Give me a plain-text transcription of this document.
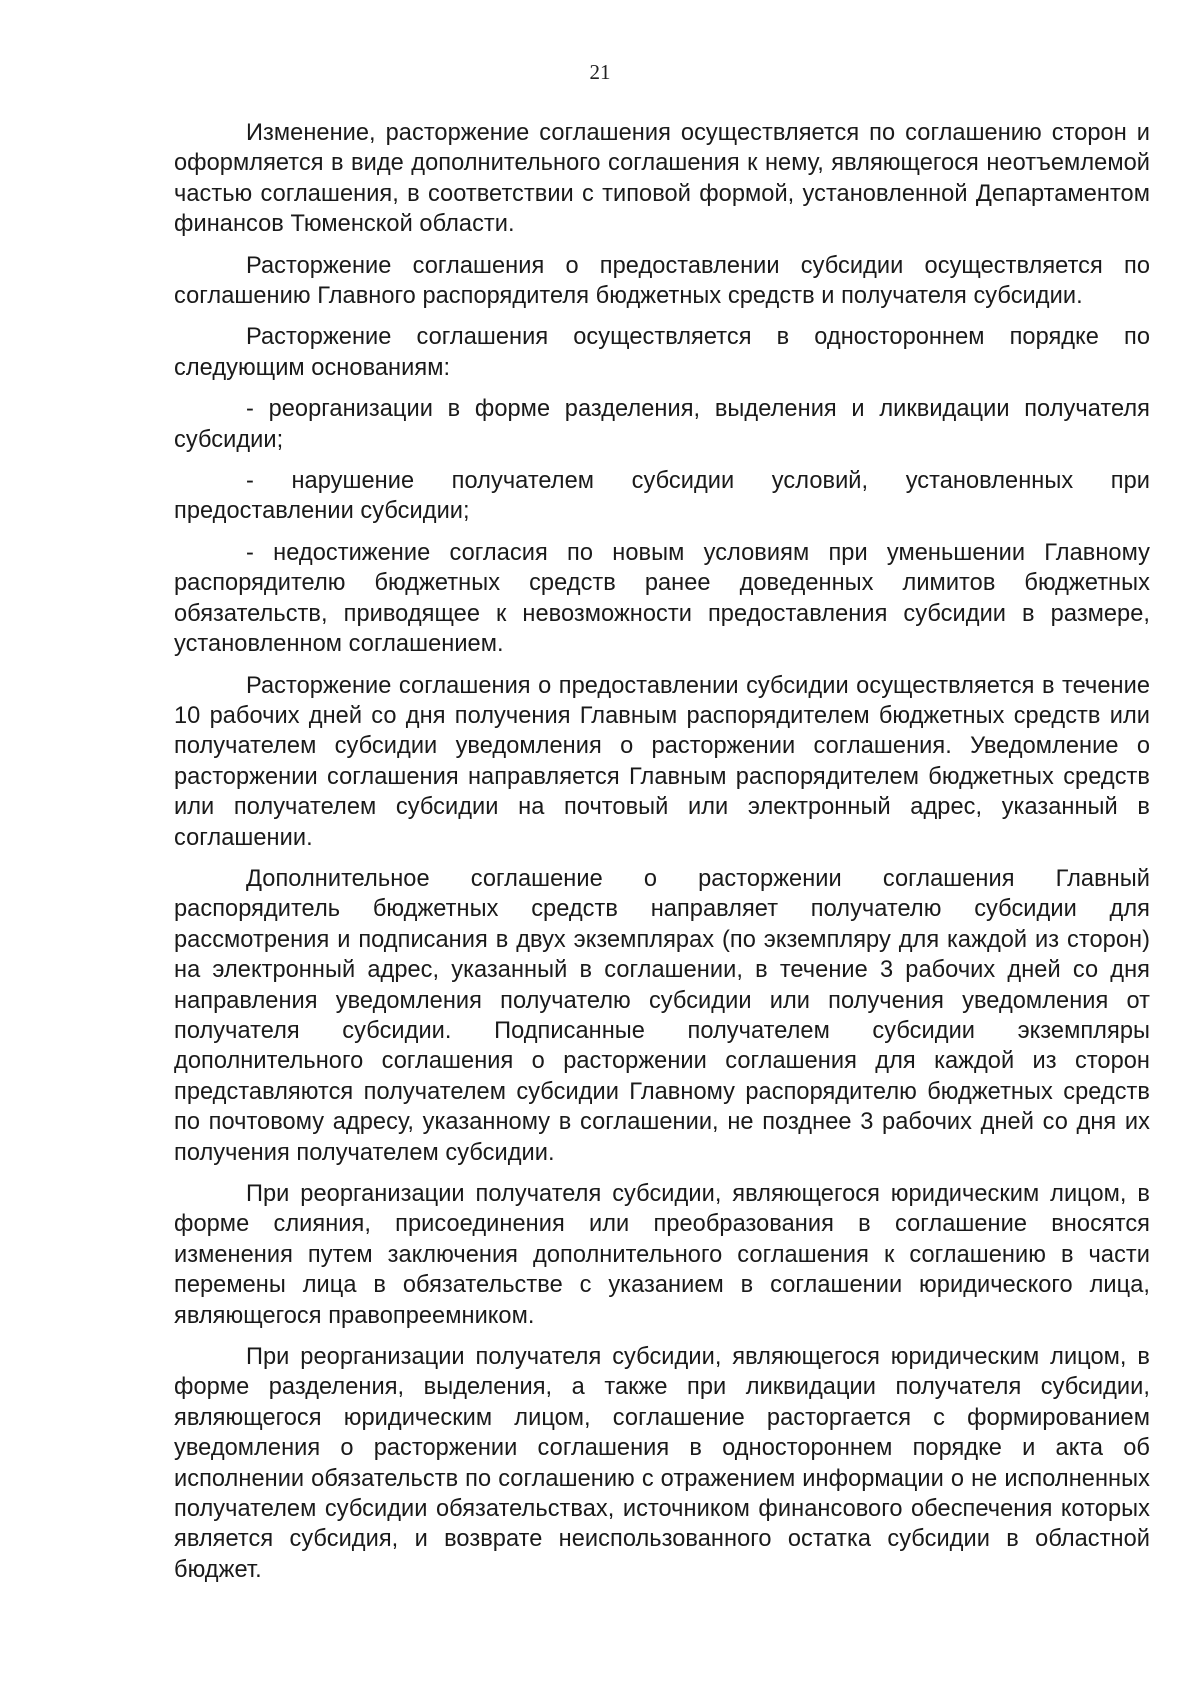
21

Изменение, расторжение соглашения осуществляется по соглашению сторон и оформляется в виде дополнительного соглашения к нему, являющегося неотъемлемой частью соглашения, в соответствии с типовой формой, установленной Департаментом финансов Тюменской области.

Расторжение соглашения о предоставлении субсидии осуществляется по соглашению Главного распорядителя бюджетных средств и получателя субсидии.

Расторжение соглашения осуществляется в одностороннем порядке по следующим основаниям:

- реорганизации в форме разделения, выделения и ликвидации получателя субсидии;

- нарушение получателем субсидии условий, установленных при предоставлении субсидии;

- недостижение согласия по новым условиям при уменьшении Главному распорядителю бюджетных средств ранее доведенных лимитов бюджетных обязательств, приводящее к невозможности предоставления субсидии в размере, установленном соглашением.

Расторжение соглашения о предоставлении субсидии осуществляется в течение 10 рабочих дней со дня получения Главным распорядителем бюджетных средств или получателем субсидии уведомления о расторжении соглашения. Уведомление о расторжении соглашения направляется Главным распорядителем бюджетных средств или получателем субсидии на почтовый или электронный адрес, указанный в соглашении.

Дополнительное соглашение о расторжении соглашения Главный распорядитель бюджетных средств направляет получателю субсидии для рассмотрения и подписания в двух экземплярах (по экземпляру для каждой из сторон) на электронный адрес, указанный в соглашении, в течение 3 рабочих дней со дня направления уведомления получателю субсидии или получения уведомления от получателя субсидии. Подписанные получателем субсидии экземпляры дополнительного соглашения о расторжении соглашения для каждой из сторон представляются получателем субсидии Главному распорядителю бюджетных средств по почтовому адресу, указанному в соглашении, не позднее 3 рабочих дней со дня их получения получателем субсидии.

При реорганизации получателя субсидии, являющегося юридическим лицом, в форме слияния, присоединения или преобразования в соглашение вносятся изменения путем заключения дополнительного соглашения к соглашению в части перемены лица в обязательстве с указанием в соглашении юридического лица, являющегося правопреемником.

При реорганизации получателя субсидии, являющегося юридическим лицом, в форме разделения, выделения, а также при ликвидации получателя субсидии, являющегося юридическим лицом, соглашение расторгается с формированием уведомления о расторжении соглашения в одностороннем порядке и акта об исполнении обязательств по соглашению с отражением информации о не исполненных получателем субсидии обязательствах, источником финансового обеспечения которых является субсидия, и возврате неиспользованного остатка субсидии в областной бюджет.
